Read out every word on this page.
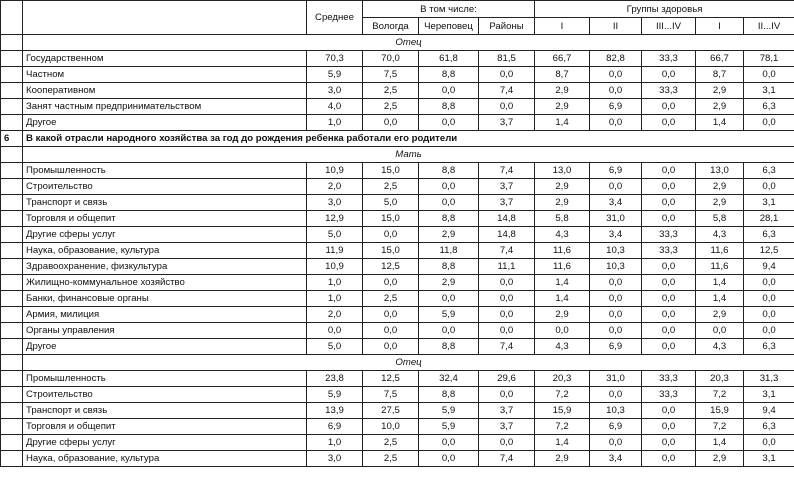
		Среднее	В том числе:			Группы здоровья				
			Вологда	Череповец	Районы	I	II	III...IV	I	II...IV
	Отец									
	Государственном	70,3	70,0	61,8	81,5	66,7	82,8	33,3	66,7	78,1
	Частном	5,9	7,5	8,8	0,0	8,7	0,0	0,0	8,7	0,0
	Кооперативном	3,0	2,5	0,0	7,4	2,9	0,0	33,3	2,9	3,1
	Занят частным предпринимательством	4,0	2,5	8,8	0,0	2,9	6,9	0,0	2,9	6,3
	Другое	1,0	0,0	0,0	3,7	1,4	0,0	0,0	1,4	0,0
6	В какой отрасли народного хозяйства за год до рождения ребенка работали его родители									
	Мать									
	Промышленность	10,9	15,0	8,8	7,4	13,0	6,9	0,0	13,0	6,3
	Строительство	2,0	2,5	0,0	3,7	2,9	0,0	0,0	2,9	0,0
	Транспорт и связь	3,0	5,0	0,0	3,7	2,9	3,4	0,0	2,9	3,1
	Торговля и общепит	12,9	15,0	8,8	14,8	5,8	31,0	0,0	5,8	28,1
	Другие сферы услуг	5,0	0,0	2,9	14,8	4,3	3,4	33,3	4,3	6,3
	Наука, образование, культура	11,9	15,0	11,8	7,4	11,6	10,3	33,3	11,6	12,5
	Здравоохранение, физкультура	10,9	12,5	8,8	11,1	11,6	10,3	0,0	11,6	9,4
	Жилищно-коммунальное хозяйство	1,0	0,0	2,9	0,0	1,4	0,0	0,0	1,4	0,0
	Банки, финансовые органы	1,0	2,5	0,0	0,0	1,4	0,0	0,0	1,4	0,0
	Армия, милиция	2,0	0,0	5,9	0,0	2,9	0,0	0,0	2,9	0,0
	Органы управления	0,0	0,0	0,0	0,0	0,0	0,0	0,0	0,0	0,0
	Другое	5,0	0,0	8,8	7,4	4,3	6,9	0,0	4,3	6,3
	Отец									
	Промышленность	23,8	12,5	32,4	29,6	20,3	31,0	33,3	20,3	31,3
	Строительство	5,9	7,5	8,8	0,0	7,2	0,0	33,3	7,2	3,1
	Транспорт и связь	13,9	27,5	5,9	3,7	15,9	10,3	0,0	15,9	9,4
	Торговля и общепит	6,9	10,0	5,9	3,7	7,2	6,9	0,0	7,2	6,3
	Другие сферы услуг	1,0	2,5	0,0	0,0	1,4	0,0	0,0	1,4	0,0
	Наука, образование, культура	3,0	2,5	0,0	7,4	2,9	3,4	0,0	2,9	3,1
